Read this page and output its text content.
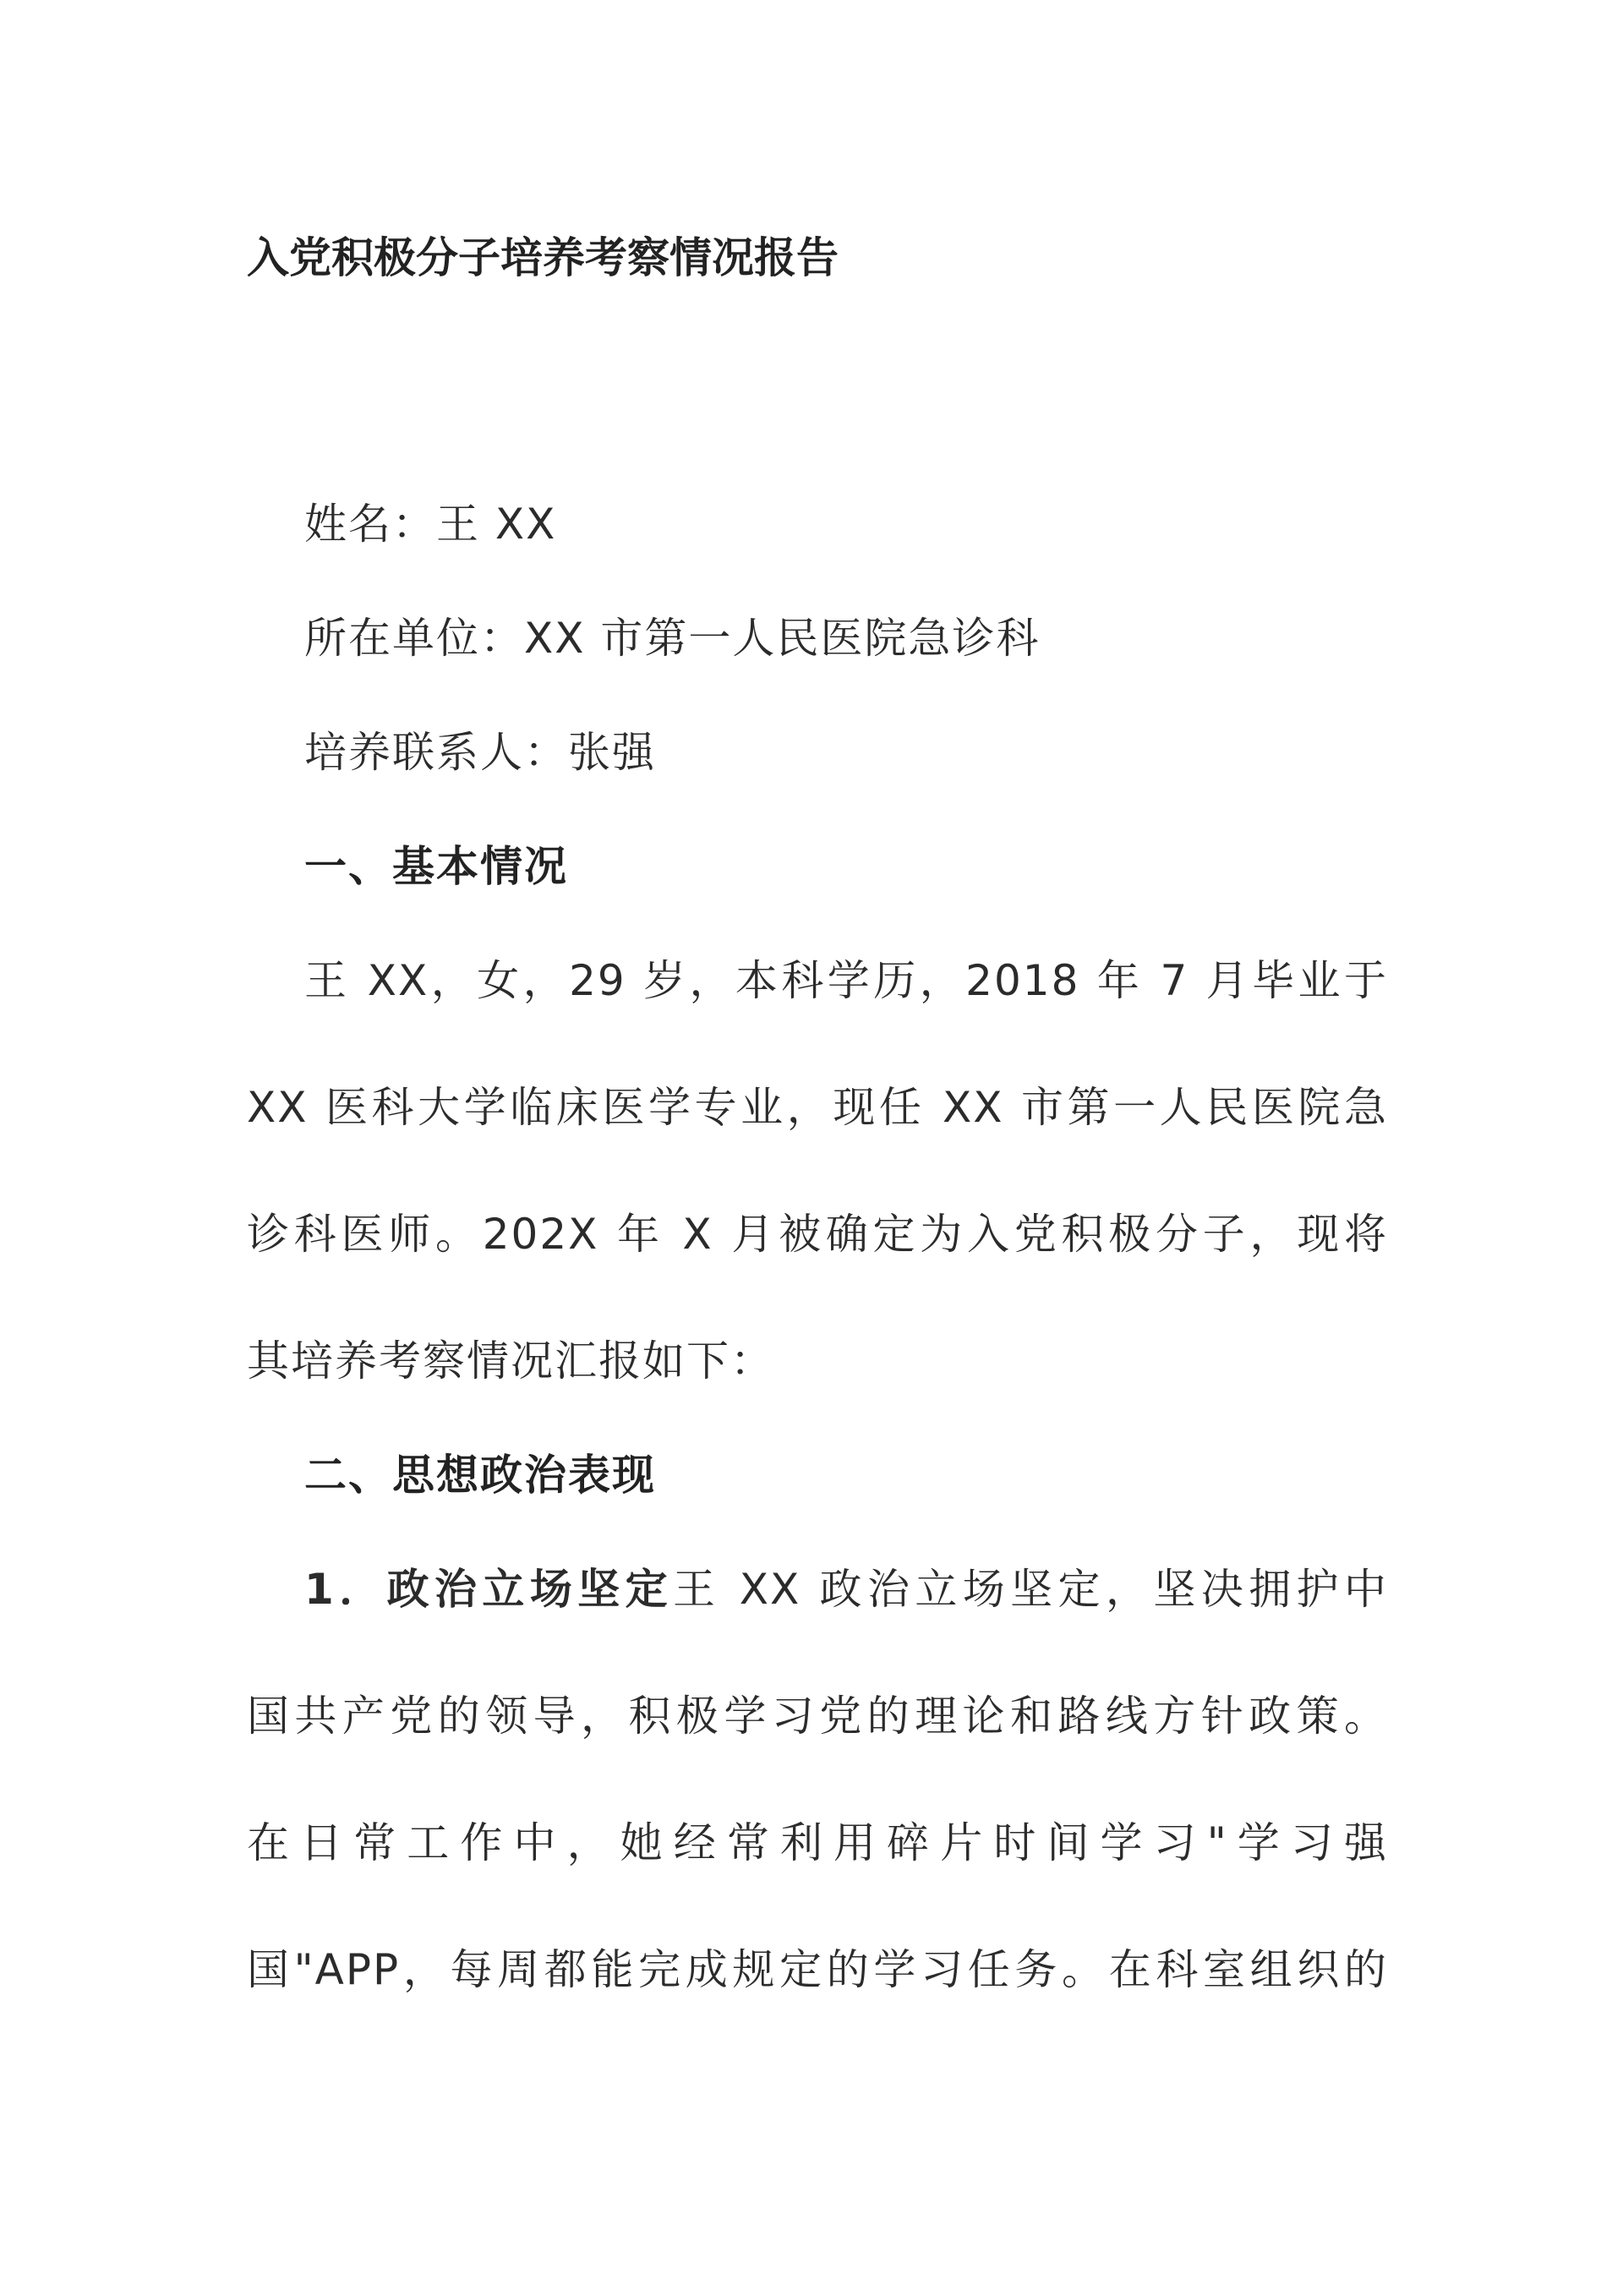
入党积极分子培养考察情况报告
姓名：王 XX
所在单位：XX 市第一人民医院急诊科
培养联系人：张强
一、基本情况
王 XX，女，29 岁，本科学历，2018 年 7 月毕业于
XX 医科大学临床医学专业，现任 XX 市第一人民医院急
诊科医师。202X 年 X 月被确定为入党积极分子，现将
其培养考察情况汇报如下：
二、思想政治表现
1．政治立场坚定王 XX 政治立场坚定，坚决拥护中
国共产党的领导，积极学习党的理论和路线方针政策。
在日常工作中，她经常利用碎片时间学习"学习强
国"APP，每周都能完成规定的学习任务。在科室组织的
